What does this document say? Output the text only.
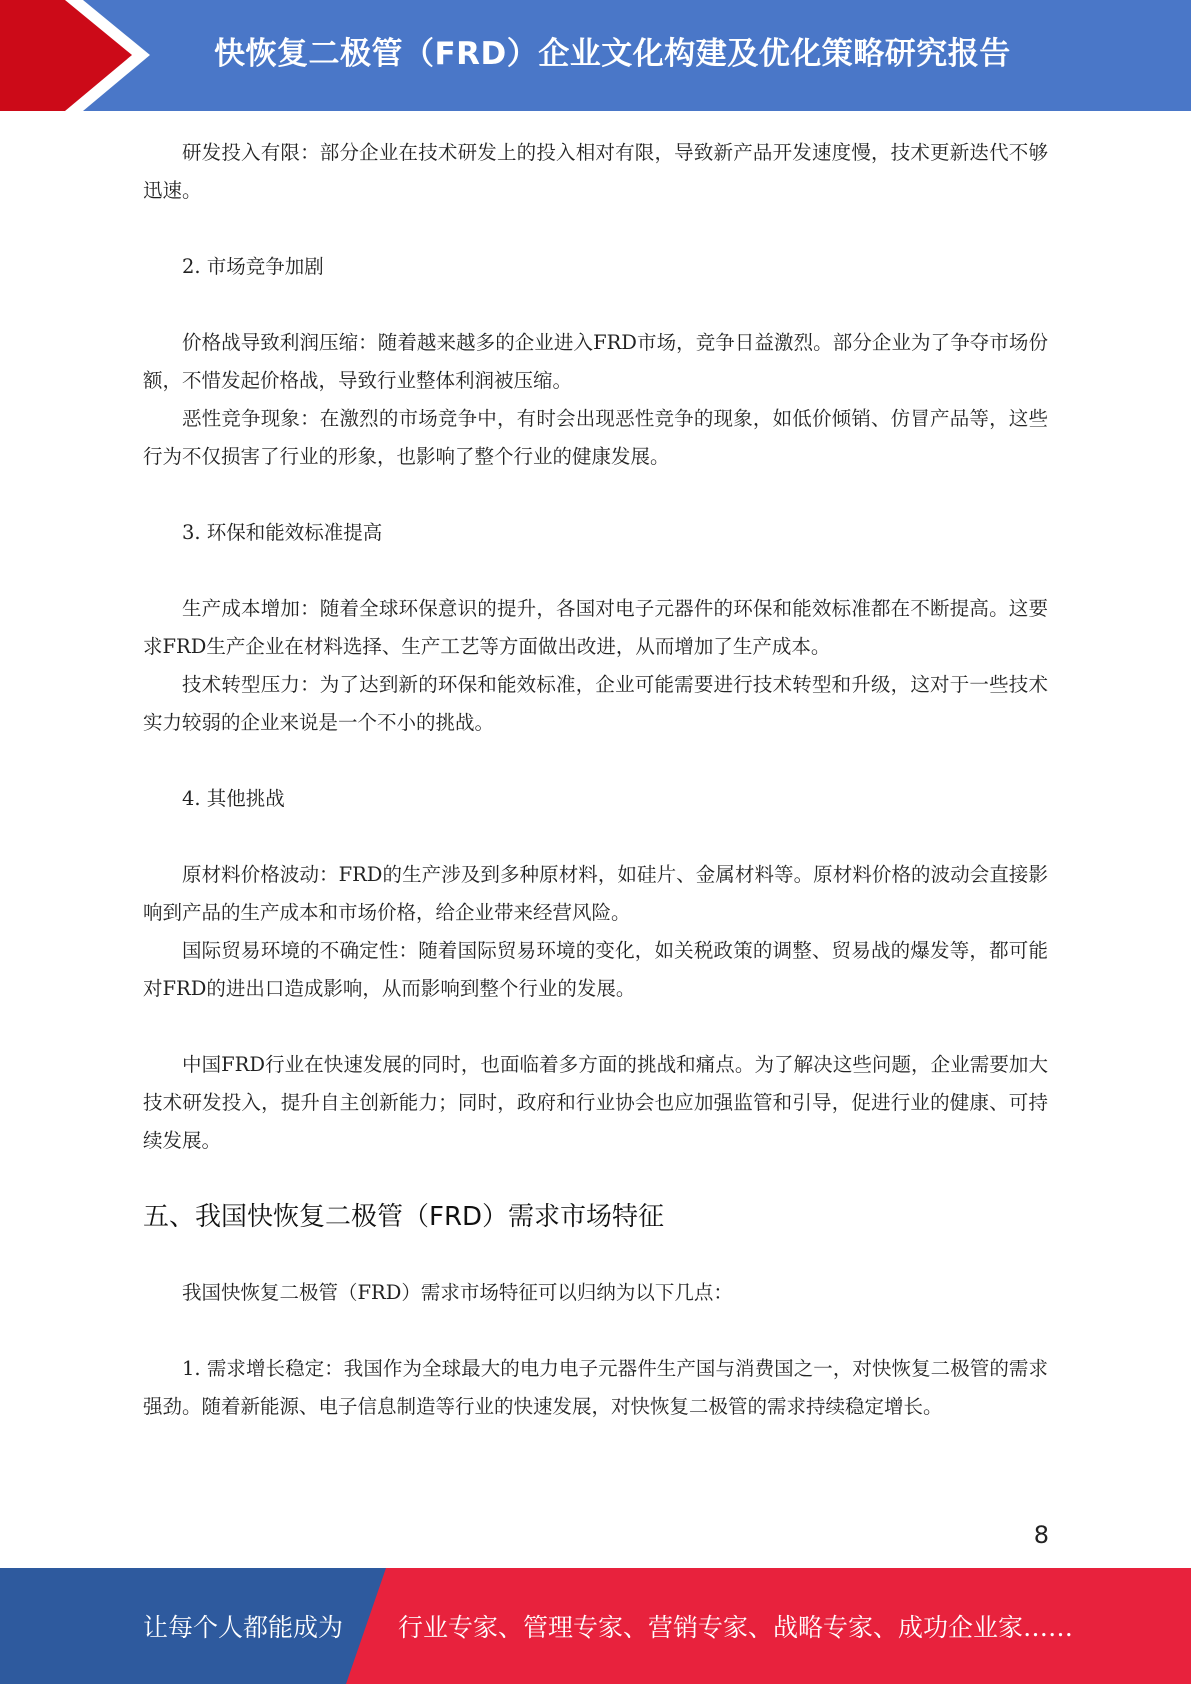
快恢复二极管（FRD）企业文化构建及优化策略研究报告

研发投入有限：部分企业在技术研发上的投入相对有限，导致新产品开发速度慢，技术更新迭代不够迅速。

2. 市场竞争加剧

价格战导致利润压缩：随着越来越多的企业进入FRD市场，竞争日益激烈。部分企业为了争夺市场份额，不惜发起价格战，导致行业整体利润被压缩。

恶性竞争现象：在激烈的市场竞争中，有时会出现恶性竞争的现象，如低价倾销、仿冒产品等，这些行为不仅损害了行业的形象，也影响了整个行业的健康发展。

3. 环保和能效标准提高

生产成本增加：随着全球环保意识的提升，各国对电子元器件的环保和能效标准都在不断提高。这要求FRD生产企业在材料选择、生产工艺等方面做出改进，从而增加了生产成本。

技术转型压力：为了达到新的环保和能效标准，企业可能需要进行技术转型和升级，这对于一些技术实力较弱的企业来说是一个不小的挑战。

4. 其他挑战

原材料价格波动：FRD的生产涉及到多种原材料，如硅片、金属材料等。原材料价格的波动会直接影响到产品的生产成本和市场价格，给企业带来经营风险。

国际贸易环境的不确定性：随着国际贸易环境的变化，如关税政策的调整、贸易战的爆发等，都可能对FRD的进出口造成影响，从而影响到整个行业的发展。

中国FRD行业在快速发展的同时，也面临着多方面的挑战和痛点。为了解决这些问题，企业需要加大技术研发投入，提升自主创新能力；同时，政府和行业协会也应加强监管和引导，促进行业的健康、可持续发展。

五、我国快恢复二极管（FRD）需求市场特征

我国快恢复二极管（FRD）需求市场特征可以归纳为以下几点：

1. 需求增长稳定：我国作为全球最大的电力电子元器件生产国与消费国之一，对快恢复二极管的需求强劲。随着新能源、电子信息制造等行业的快速发展，对快恢复二极管的需求持续稳定增长。

8
让每个人都能成为 行业专家、管理专家、营销专家、战略专家、成功企业家……
